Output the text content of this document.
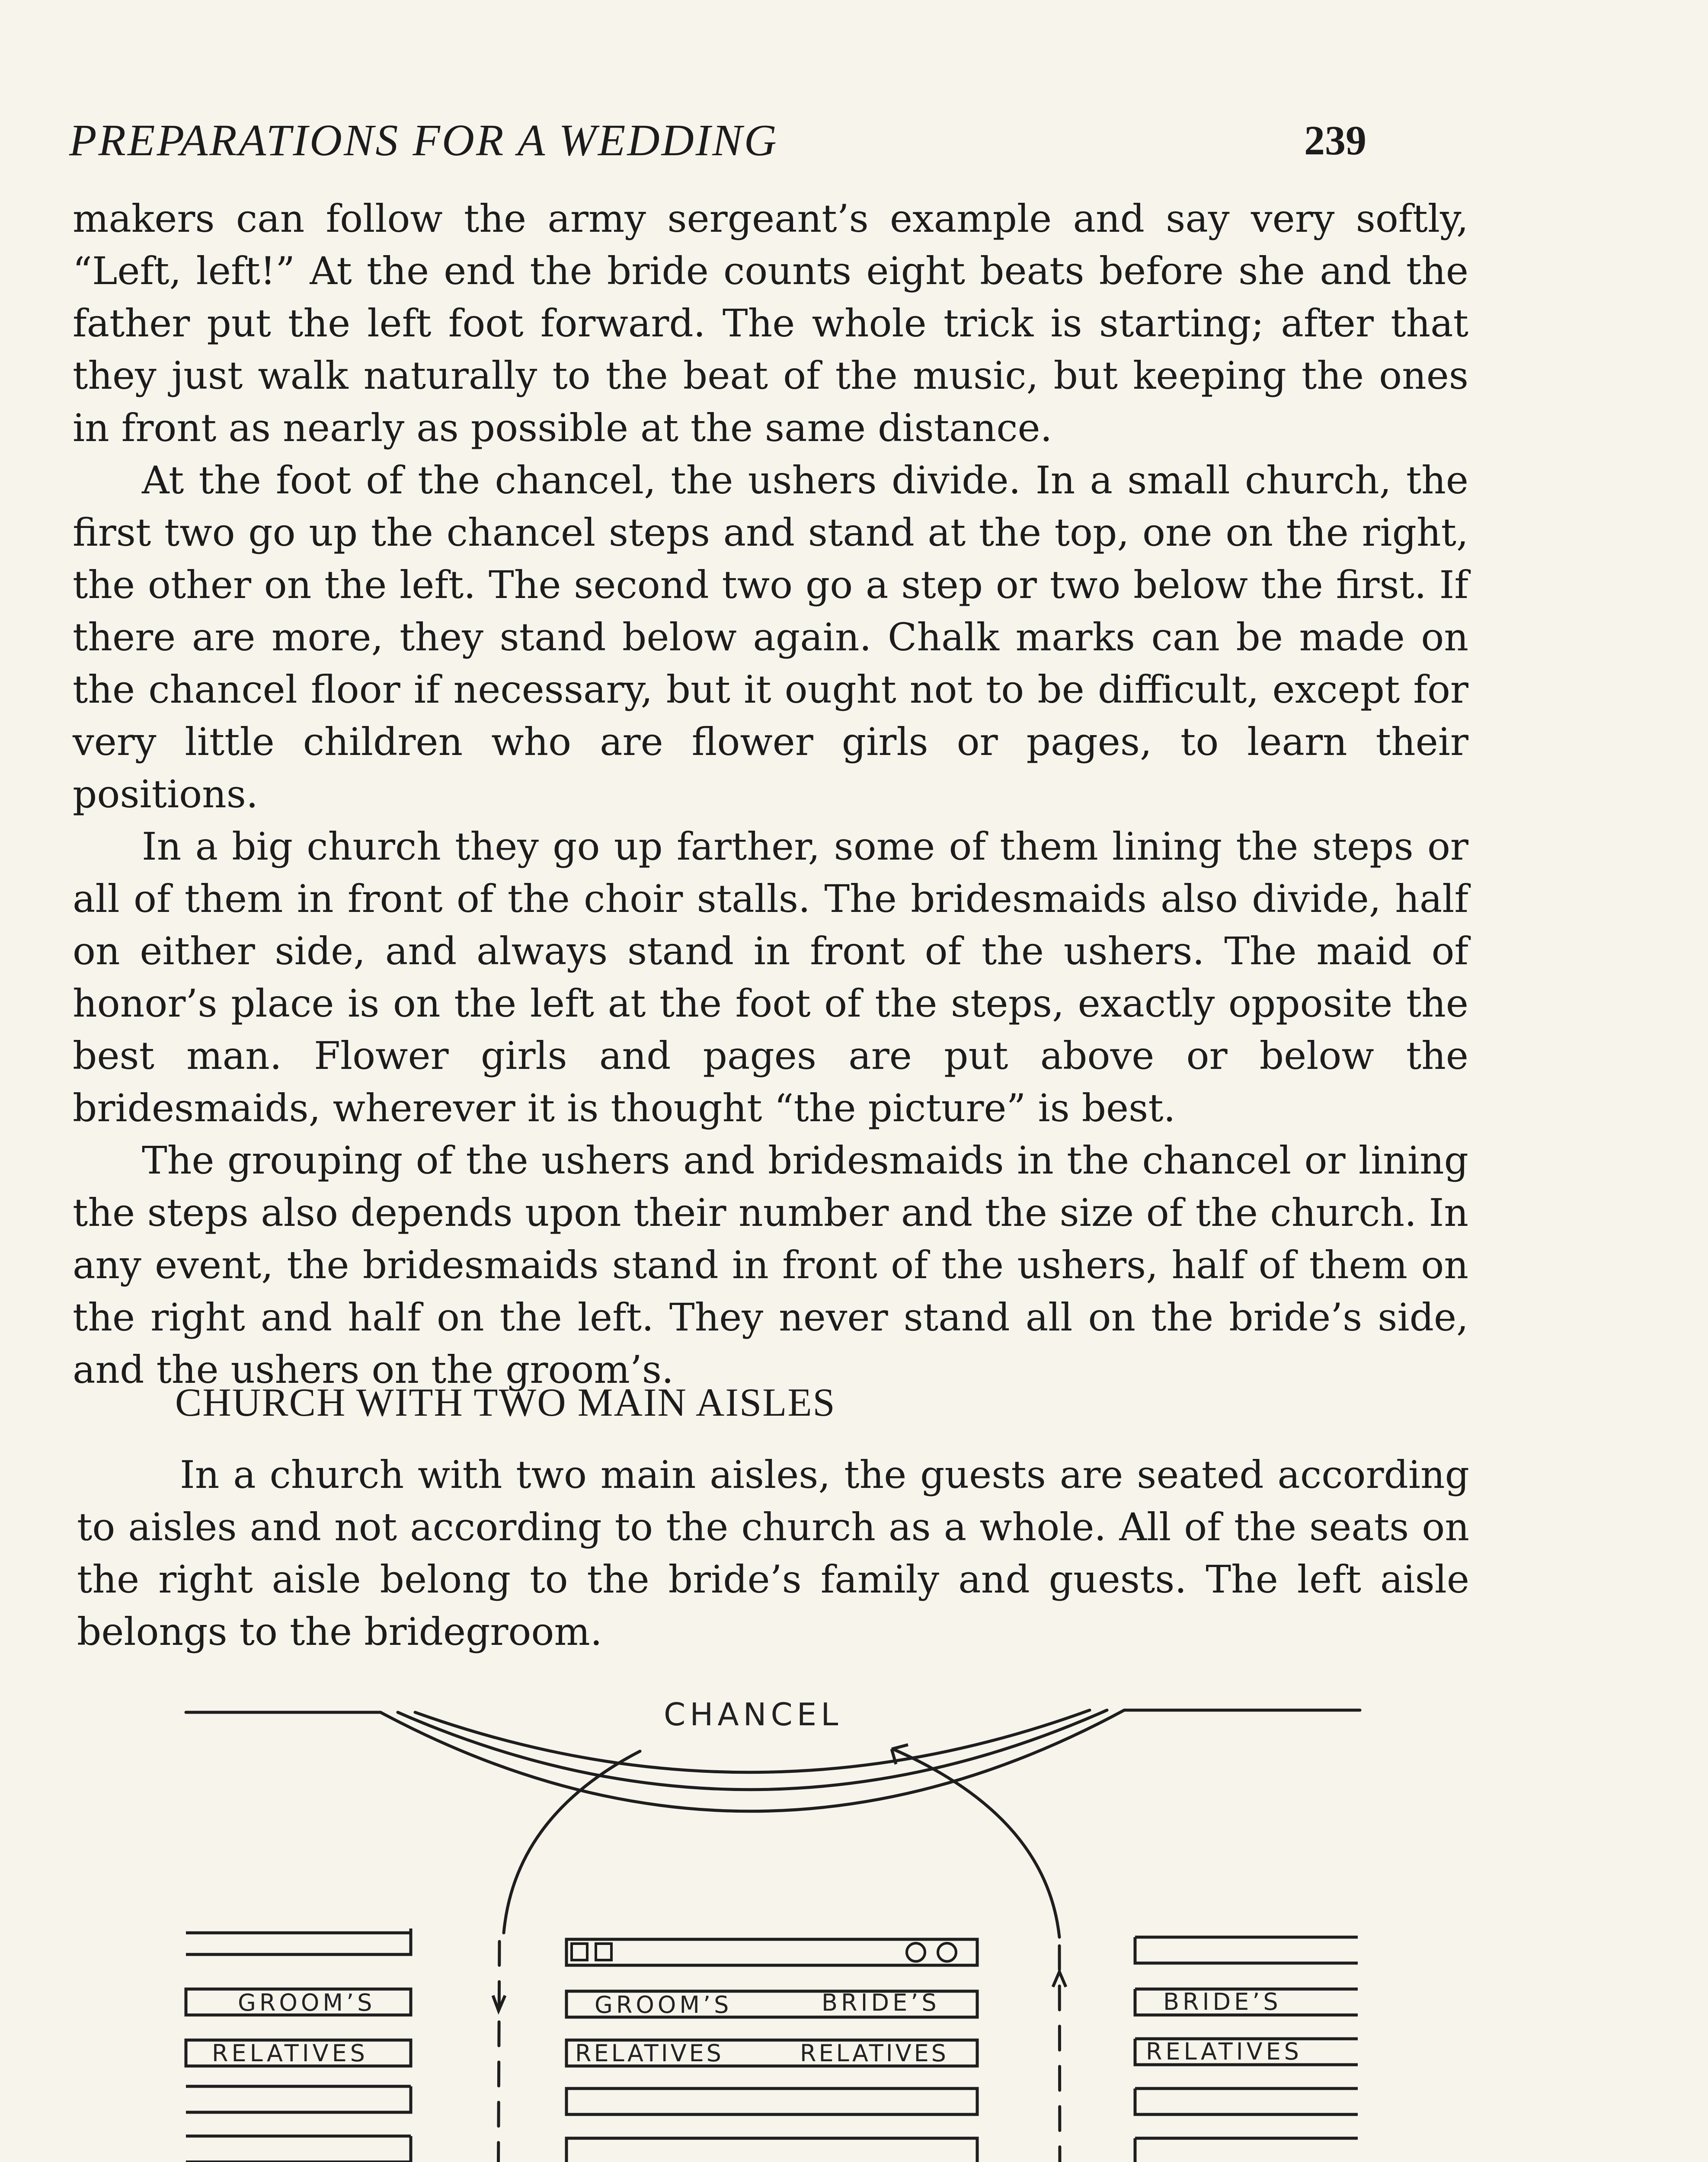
PREPARATIONS FOR A WEDDING	239

makers can follow the army sergeant’s example and say very softly, “Left, left!” At the end the bride counts eight beats before she and the father put the left foot forward. The whole trick is starting; after that they just walk naturally to the beat of the music, but keeping the ones in front as nearly as possible at the same distance.

At the foot of the chancel, the ushers divide. In a small church, the first two go up the chancel steps and stand at the top, one on the right, the other on the left. The second two go a step or two below the first. If there are more, they stand below again. Chalk marks can be made on the chancel floor if necessary, but it ought not to be difficult, except for very little children who are flower girls or pages, to learn their positions.

In a big church they go up farther, some of them lining the steps or all of them in front of the choir stalls. The bridesmaids also divide, half on either side, and always stand in front of the ushers. The maid of honor’s place is on the left at the foot of the steps, exactly opposite the best man. Flower girls and pages are put above or below the bridesmaids, wherever it is thought “the picture” is best.

The grouping of the ushers and bridesmaids in the chancel or lining the steps also depends upon their number and the size of the church. In any event, the bridesmaids stand in front of the ushers, half of them on the right and half on the left. They never stand all on the bride’s side, and the ushers on the groom’s.

CHURCH WITH TWO MAIN AISLES

In a church with two main aisles, the guests are seated according to aisles and not according to the church as a whole. All of the seats on the right aisle belong to the bride’s family and guests. The left aisle belongs to the bridegroom.

CHANCEL
GROOM’S
RELATIVES
GROOM’S	BRIDE’S
RELATIVES	RELATIVES
BRIDE’S
RELATIVES
